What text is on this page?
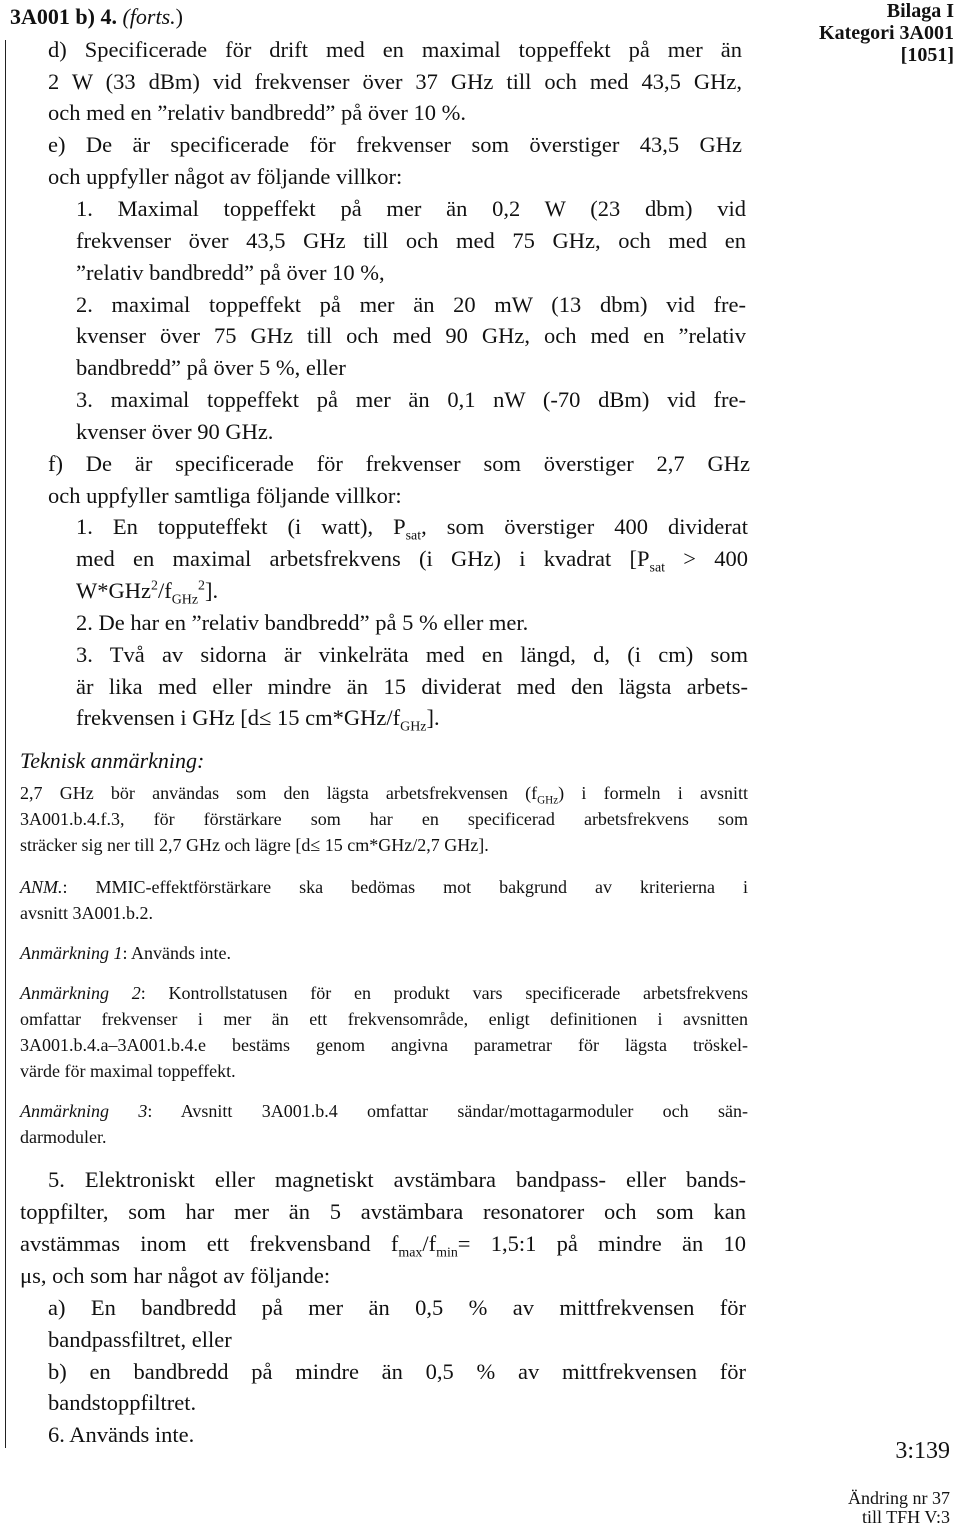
3A001 b) 4. (forts.)	Bilaga I
Kategori 3A001
[1051]
d) Specificerade för drift med en maximal toppeffekt på mer än
2 W (33 dBm) vid frekvenser över 37 GHz till och med 43,5 GHz,
och med en ”relativ bandbredd” på över 10 %.
e) De är specificerade för frekvenser som överstiger 43,5 GHz
och uppfyller något av följande villkor:
1. Maximal toppeffekt på mer än 0,2 W (23 dbm) vid
frekvenser över 43,5 GHz till och med 75 GHz, och med en
”relativ bandbredd” på över 10 %,
2. maximal toppeffekt på mer än 20 mW (13 dbm) vid fre-
kvenser över 75 GHz till och med 90 GHz, och med en ”relativ
bandbredd” på över 5 %, eller
3. maximal toppeffekt på mer än 0,1 nW (-70 dBm) vid fre-
kvenser över 90 GHz.
f) De är specificerade för frekvenser som överstiger 2,7 GHz
och uppfyller samtliga följande villkor:
1. En topputeffekt (i watt), $P_{sat}$, som överstiger 400 dividerat
med en maximal arbetsfrekvens (i GHz) i kvadrat [$P_{sat} > 400$
$W*GHz^2/f_{GHz}^2$].
2. De har en ”relativ bandbredd” på 5 % eller mer.
3. Två av sidorna är vinkelräta med en längd, d, (i cm) som
är lika med eller mindre än 15 dividerat med den lägsta arbets-
frekvensen i GHz [d≤ 15 $cm*GHz/f_{GHz}$].
Teknisk anmärkning:
2,7 GHz bör användas som den lägsta arbetsfrekvensen $(f_{GHz})$ i formeln i avsnitt
3A001.b.4.f.3, för förstärkare som har en specificerad arbetsfrekvens som
sträcker sig ner till 2,7 GHz och lägre [d≤ 15 cm*GHz/2,7 GHz].
ANM.: MMIC-effektförstärkare ska bedömas mot bakgrund av kriterierna i
avsnitt 3A001.b.2.
Anmärkning 1: Används inte.
Anmärkning 2: Kontrollstatusen för en produkt vars specificerade arbetsfrekvens
omfattar frekvenser i mer än ett frekvensområde, enligt definitionen i avsnitten
3A001.b.4.a–3A001.b.4.e bestäms genom angivna parametrar för lägsta tröskel-
värde för maximal toppeffekt.
Anmärkning 3: Avsnitt 3A001.b.4 omfattar sändar/mottagarmoduler och sän-
darmoduler.
5. Elektroniskt eller magnetiskt avstämbara bandpass- eller bands-
toppfilter, som har mer än 5 avstämbara resonatorer och som kan
avstämmas inom ett frekvensband $f_{max}/f_{min}=$ 1,5:1 på mindre än 10
μs, och som har något av följande:
a) En bandbredd på mer än 0,5 % av mittfrekvensen för
bandpassfiltret, eller
b) en bandbredd på mindre än 0,5 % av mittfrekvensen för
bandstoppfiltret.
6. Används inte.
3:139
Ändring nr 37
till TFH V:3
